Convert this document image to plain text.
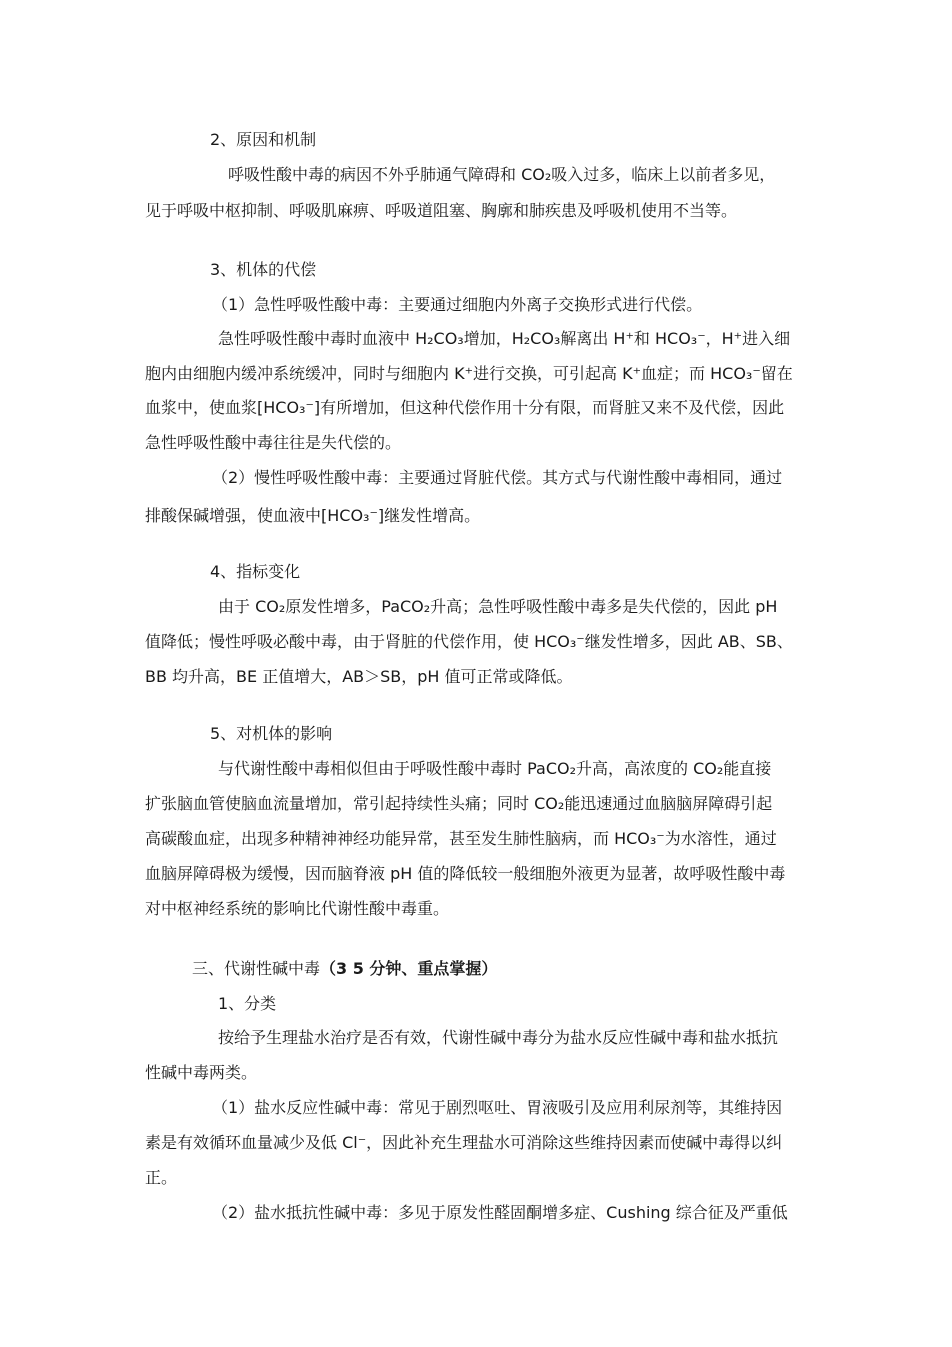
2、原因和机制
呼吸性酸中毒的病因不外乎肺通气障碍和 CO₂吸入过多，临床上以前者多见，
见于呼吸中枢抑制、呼吸肌麻痹、呼吸道阻塞、胸廓和肺疾患及呼吸机使用不当等。
3、机体的代偿
（1）急性呼吸性酸中毒：主要通过细胞内外离子交换形式进行代偿。
急性呼吸性酸中毒时血液中 H₂CO₃增加，H₂CO₃解离出 H⁺和 HCO₃⁻，H⁺进入细
胞内由细胞内缓冲系统缓冲，同时与细胞内 K⁺进行交换，可引起高 K⁺血症；而 HCO₃⁻留在
血浆中，使血浆[HCO₃⁻]有所增加，但这种代偿作用十分有限，而肾脏又来不及代偿，因此
急性呼吸性酸中毒往往是失代偿的。
（2）慢性呼吸性酸中毒：主要通过肾脏代偿。其方式与代谢性酸中毒相同，通过
排酸保碱增强，使血液中[HCO₃⁻]继发性增高。
4、指标变化
由于 CO₂原发性增多，PaCO₂升高；急性呼吸性酸中毒多是失代偿的，因此 pH
值降低；慢性呼吸必酸中毒，由于肾脏的代偿作用，使 HCO₃⁻继发性增多，因此 AB、SB、
BB 均升高，BE 正值增大，AB＞SB，pH 值可正常或降低。
5、对机体的影响
与代谢性酸中毒相似但由于呼吸性酸中毒时 PaCO₂升高，高浓度的 CO₂能直接
扩张脑血管使脑血流量增加，常引起持续性头痛；同时 CO₂能迅速通过血脑脑屏障碍引起
高碳酸血症，出现多种精神神经功能异常，甚至发生肺性脑病，而 HCO₃⁻为水溶性，通过
血脑屏障碍极为缓慢，因而脑脊液 pH 值的降低较一般细胞外液更为显著，故呼吸性酸中毒
对中枢神经系统的影响比代谢性酸中毒重。
三、代谢性碱中毒（3 5 分钟、重点掌握）
1、分类
按给予生理盐水治疗是否有效，代谢性碱中毒分为盐水反应性碱中毒和盐水抵抗
性碱中毒两类。
（1）盐水反应性碱中毒：常见于剧烈呕吐、胃液吸引及应用利尿剂等，其维持因
素是有效循环血量减少及低 Cl⁻，因此补充生理盐水可消除这些维持因素而使碱中毒得以纠
正。
（2）盐水抵抗性碱中毒：多见于原发性醛固酮增多症、Cushing 综合征及严重低
